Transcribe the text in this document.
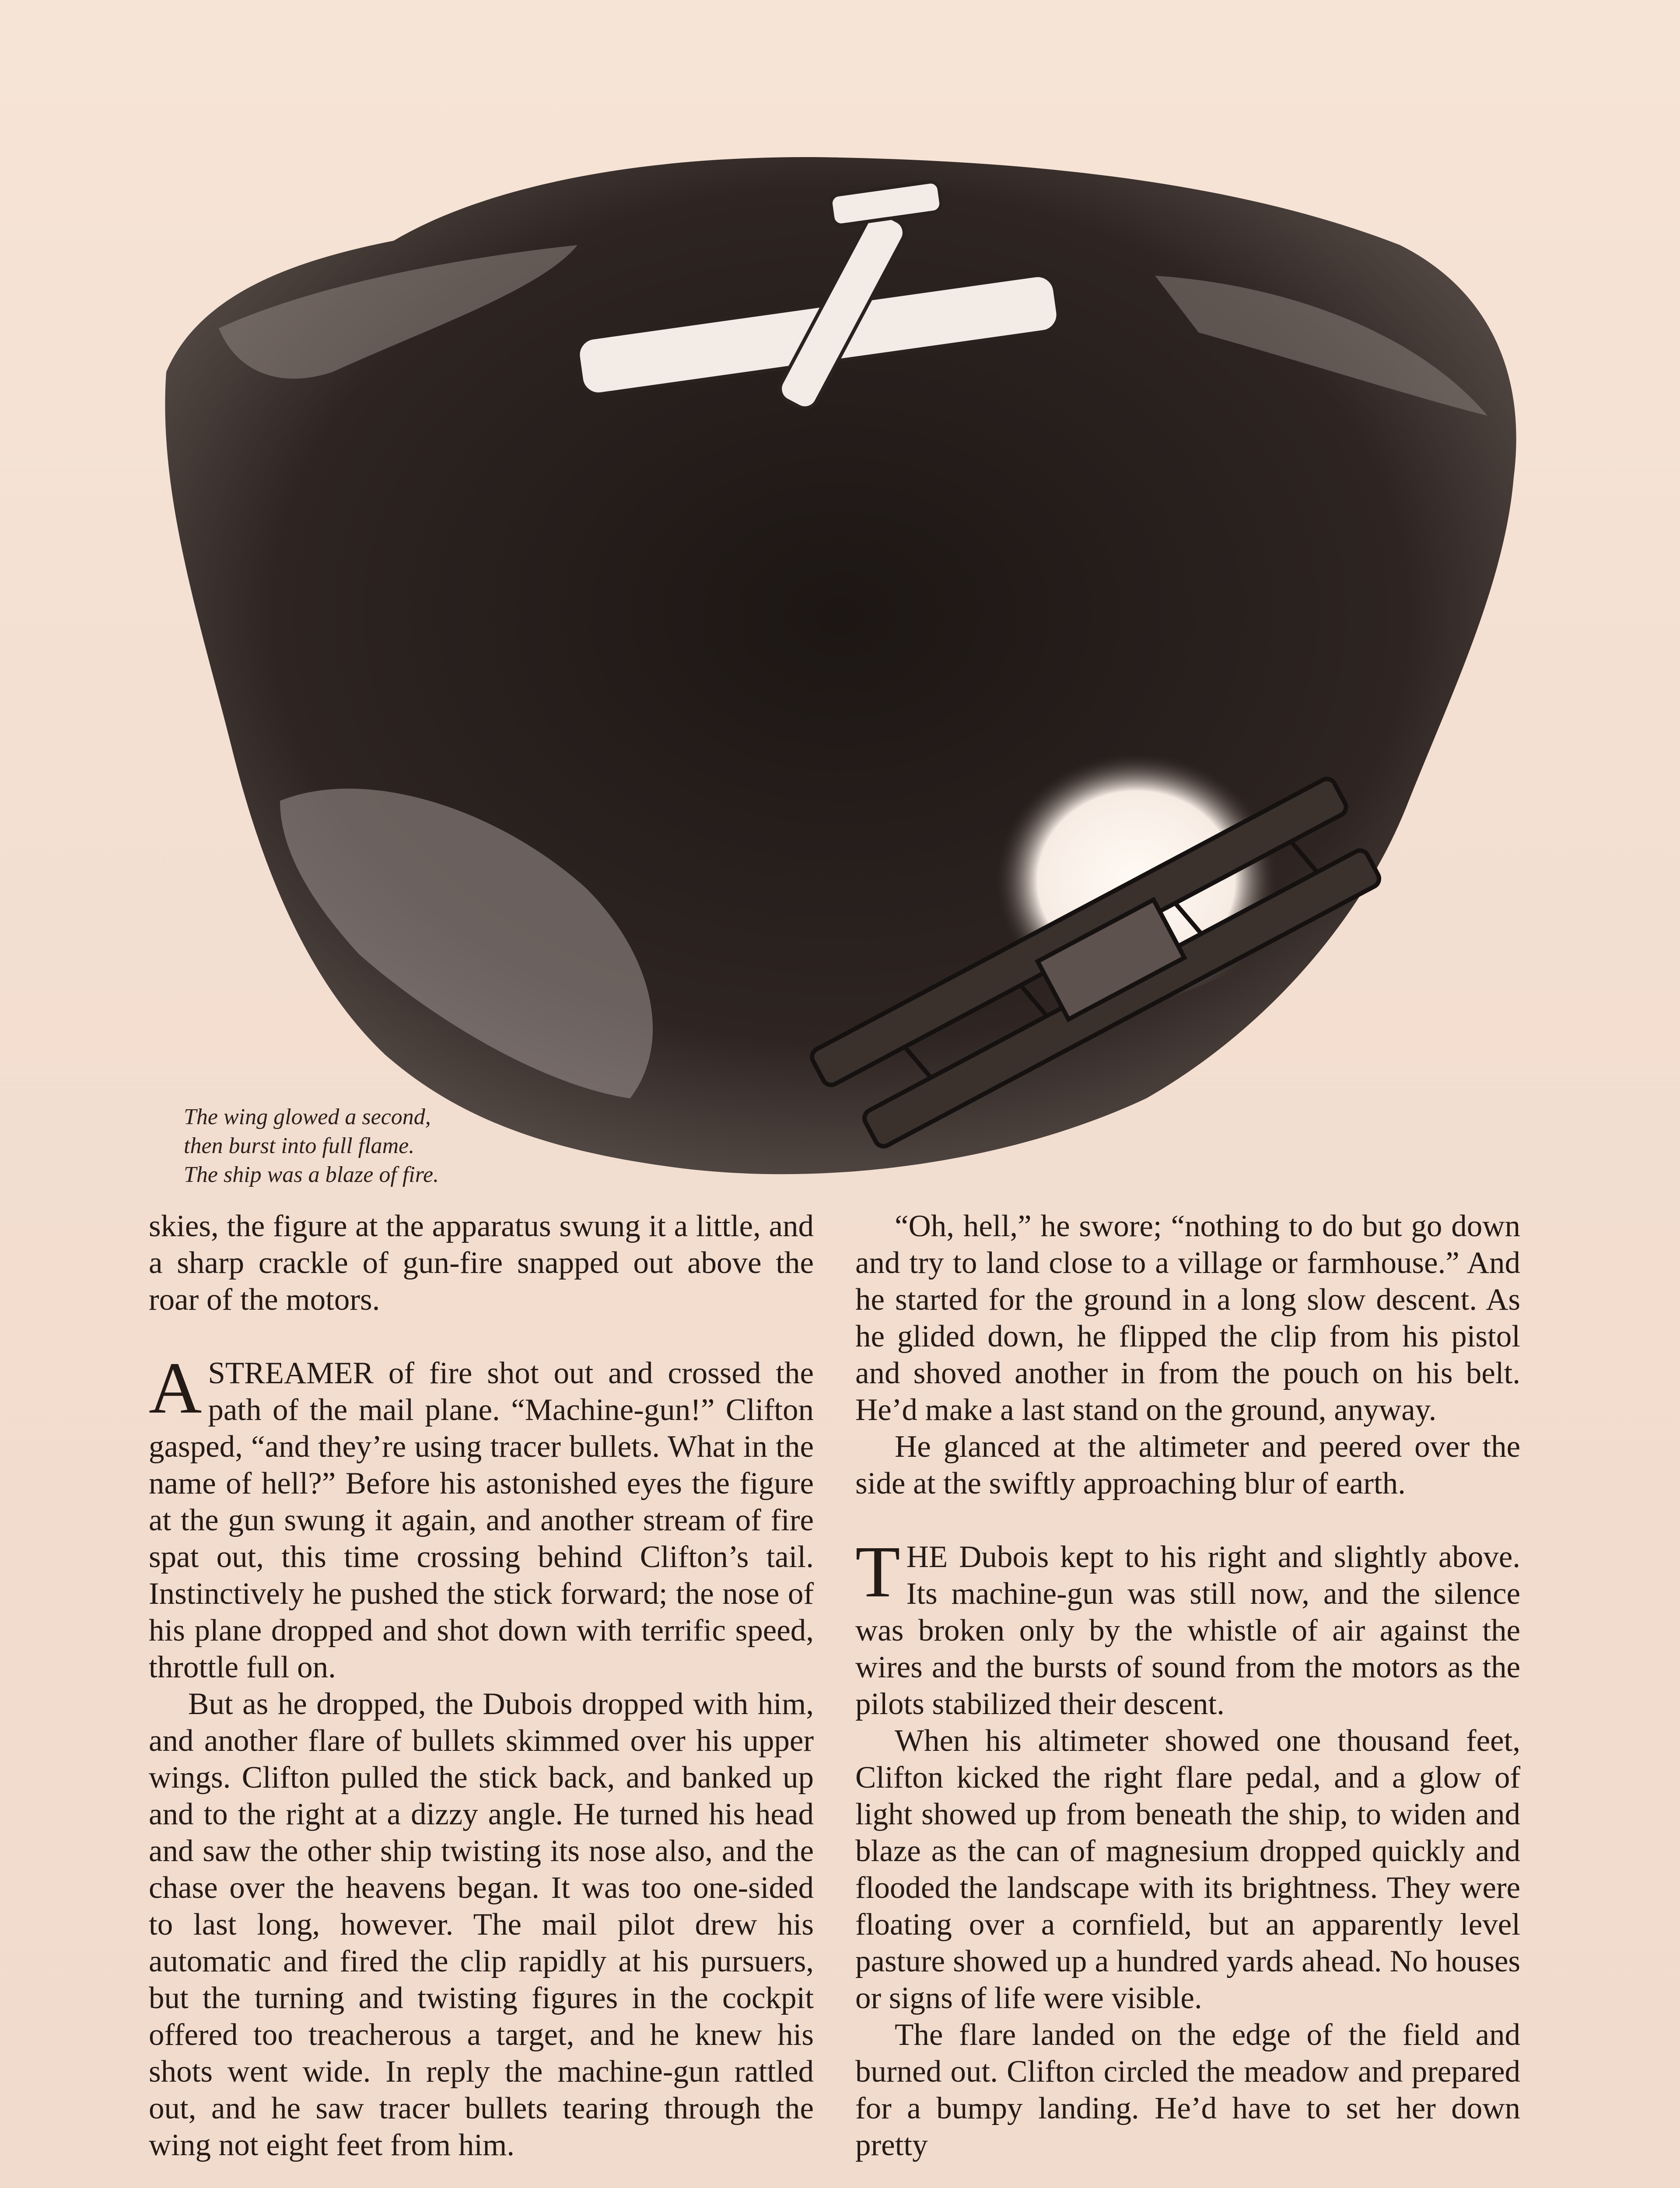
The wing glowed a second,
then burst into full flame.
The ship was a blaze of fire.

skies, the figure at the apparatus swung it a little, and a sharp crackle of gun-fire snapped out above the roar of the motors.

A STREAMER of fire shot out and crossed the path of the mail plane. “Machine-gun!” Clifton gasped, “and they’re using tracer bullets. What in the name of hell?” Before his astonished eyes the figure at the gun swung it again, and another stream of fire spat out, this time crossing behind Clifton’s tail. Instinctively he pushed the stick forward; the nose of his plane dropped and shot down with terrific speed, throttle full on.

But as he dropped, the Dubois dropped with him, and another flare of bullets skimmed over his upper wings. Clifton pulled the stick back, and banked up and to the right at a dizzy angle. He turned his head and saw the other ship twisting its nose also, and the chase over the heavens began. It was too one-sided to last long, however. The mail pilot drew his automatic and fired the clip rapidly at his pursuers, but the turning and twisting figures in the cockpit offered too treacherous a target, and he knew his shots went wide. In reply the machine-gun rattled out, and he saw tracer bullets tearing through the wing not eight feet from him.

“Oh, hell,” he swore; “nothing to do but go down and try to land close to a village or farmhouse.” And he started for the ground in a long slow descent. As he glided down, he flipped the clip from his pistol and shoved another in from the pouch on his belt. He’d make a last stand on the ground, anyway.

He glanced at the altimeter and peered over the side at the swiftly approaching blur of earth.

THE Dubois kept to his right and slightly above. Its machine-gun was still now, and the silence was broken only by the whistle of air against the wires and the bursts of sound from the motors as the pilots stabilized their descent.

When his altimeter showed one thousand feet, Clifton kicked the right flare pedal, and a glow of light showed up from beneath the ship, to widen and blaze as the can of magnesium dropped quickly and flooded the landscape with its brightness. They were floating over a cornfield, but an apparently level pasture showed up a hundred yards ahead. No houses or signs of life were visible.

The flare landed on the edge of the field and burned out. Clifton circled the meadow and prepared for a bumpy landing. He’d have to set her down pretty
